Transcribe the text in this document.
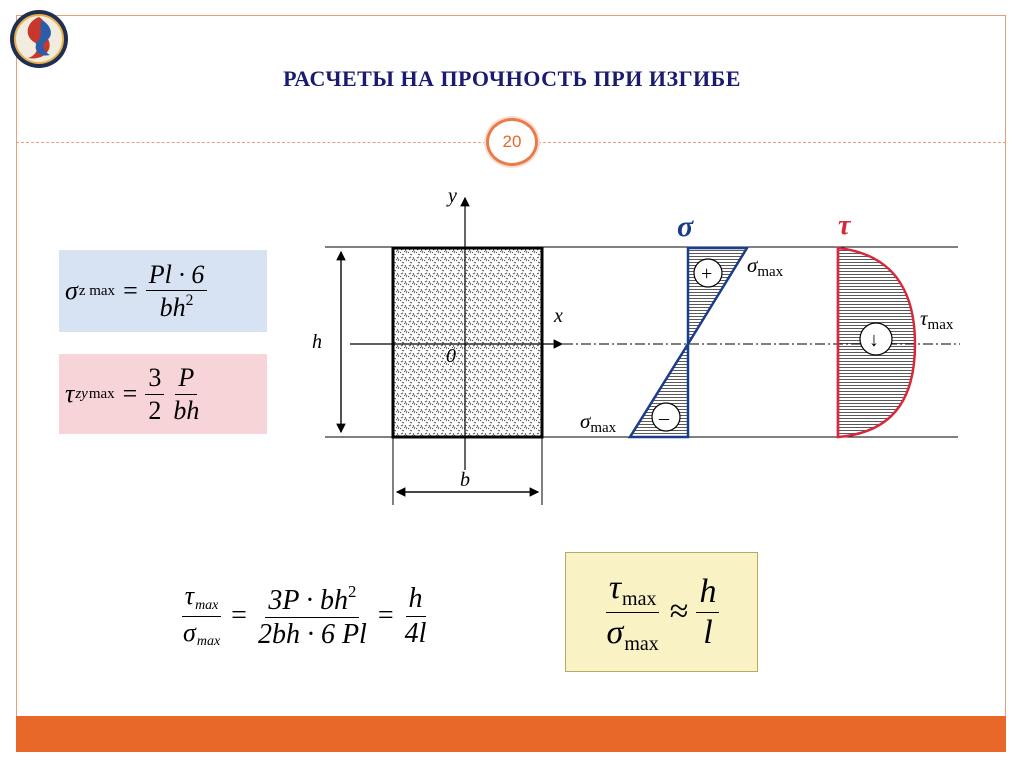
РАСЧЕТЫ НА ПРОЧНОСТЬ ПРИ ИЗГИБЕ
20
σ z $\max = \frac{Pl \cdot 6}{bh^2}$
τ zy $\max = \frac{3}{2} \frac{P}{bh}$
$\frac{\tau\max}{\sigma\max} = \frac{3P \cdot bh^2}{2bh \cdot 6 Pl} = \frac{h}{4l}$	$\frac{\tau_{max}}{\sigma_{max}} \approx \frac{h}{l}$
y
x
0
h
b
σ
+
–
σmax
σmax
τ
↓
τmax
